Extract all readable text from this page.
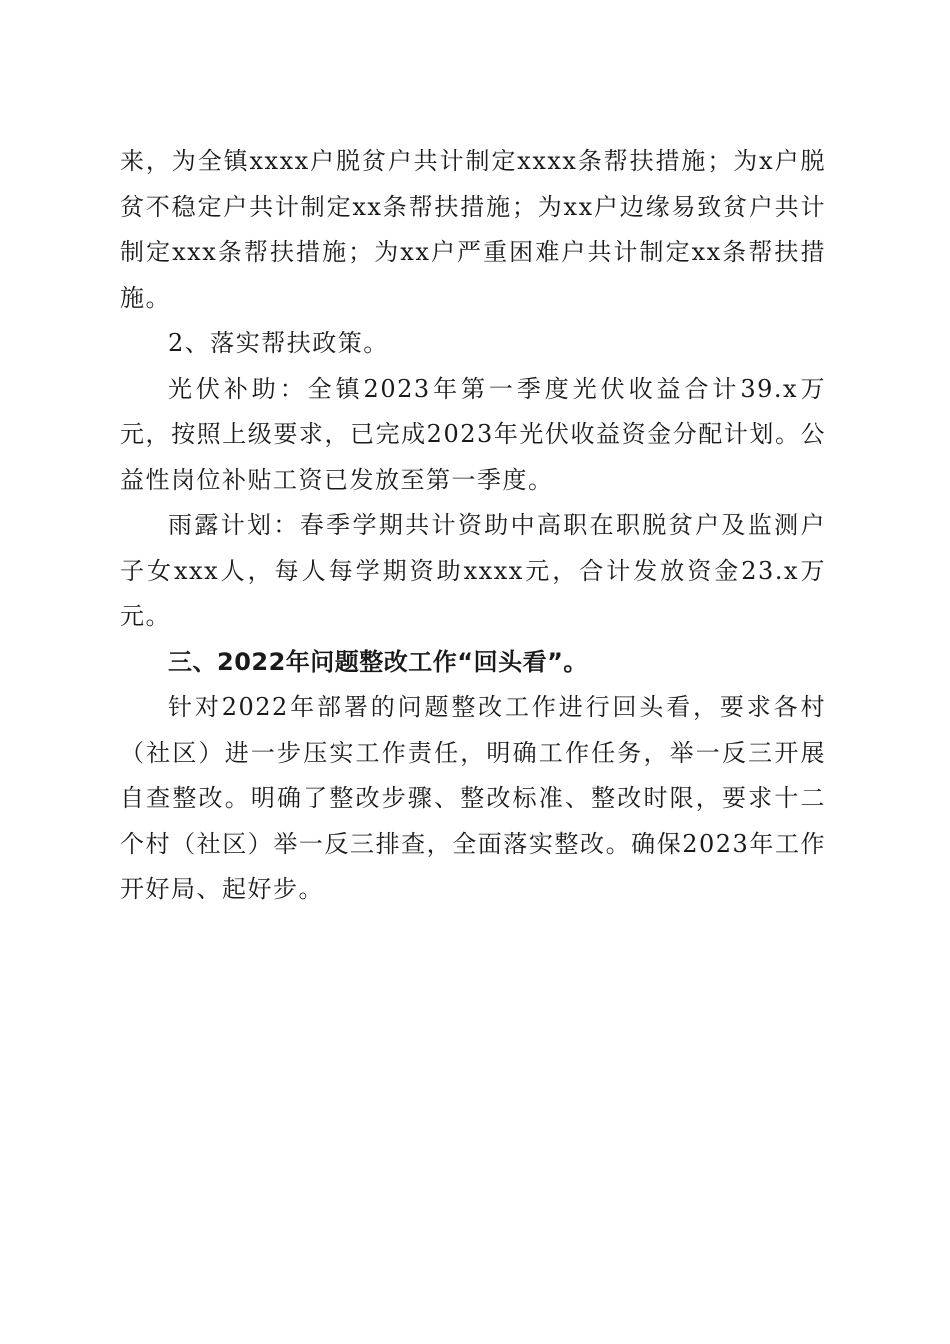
来，为全镇xxxx户脱贫户共计制定xxxx条帮扶措施；为x户脱贫不稳定户共计制定xx条帮扶措施；为xx户边缘易致贫户共计制定xxx条帮扶措施；为xx户严重困难户共计制定xx条帮扶措施。

2、落实帮扶政策。

光伏补助：全镇2023年第一季度光伏收益合计39.x万元，按照上级要求，已完成2023年光伏收益资金分配计划。公益性岗位补贴工资已发放至第一季度。

雨露计划：春季学期共计资助中高职在职脱贫户及监测户子女xxx人，每人每学期资助xxxx元，合计发放资金23.x万元。

三、2022年问题整改工作“回头看”。

针对2022年部署的问题整改工作进行回头看，要求各村（社区）进一步压实工作责任，明确工作任务，举一反三开展自查整改。明确了整改步骤、整改标准、整改时限，要求十二个村（社区）举一反三排查，全面落实整改。确保2023年工作开好局、起好步。
